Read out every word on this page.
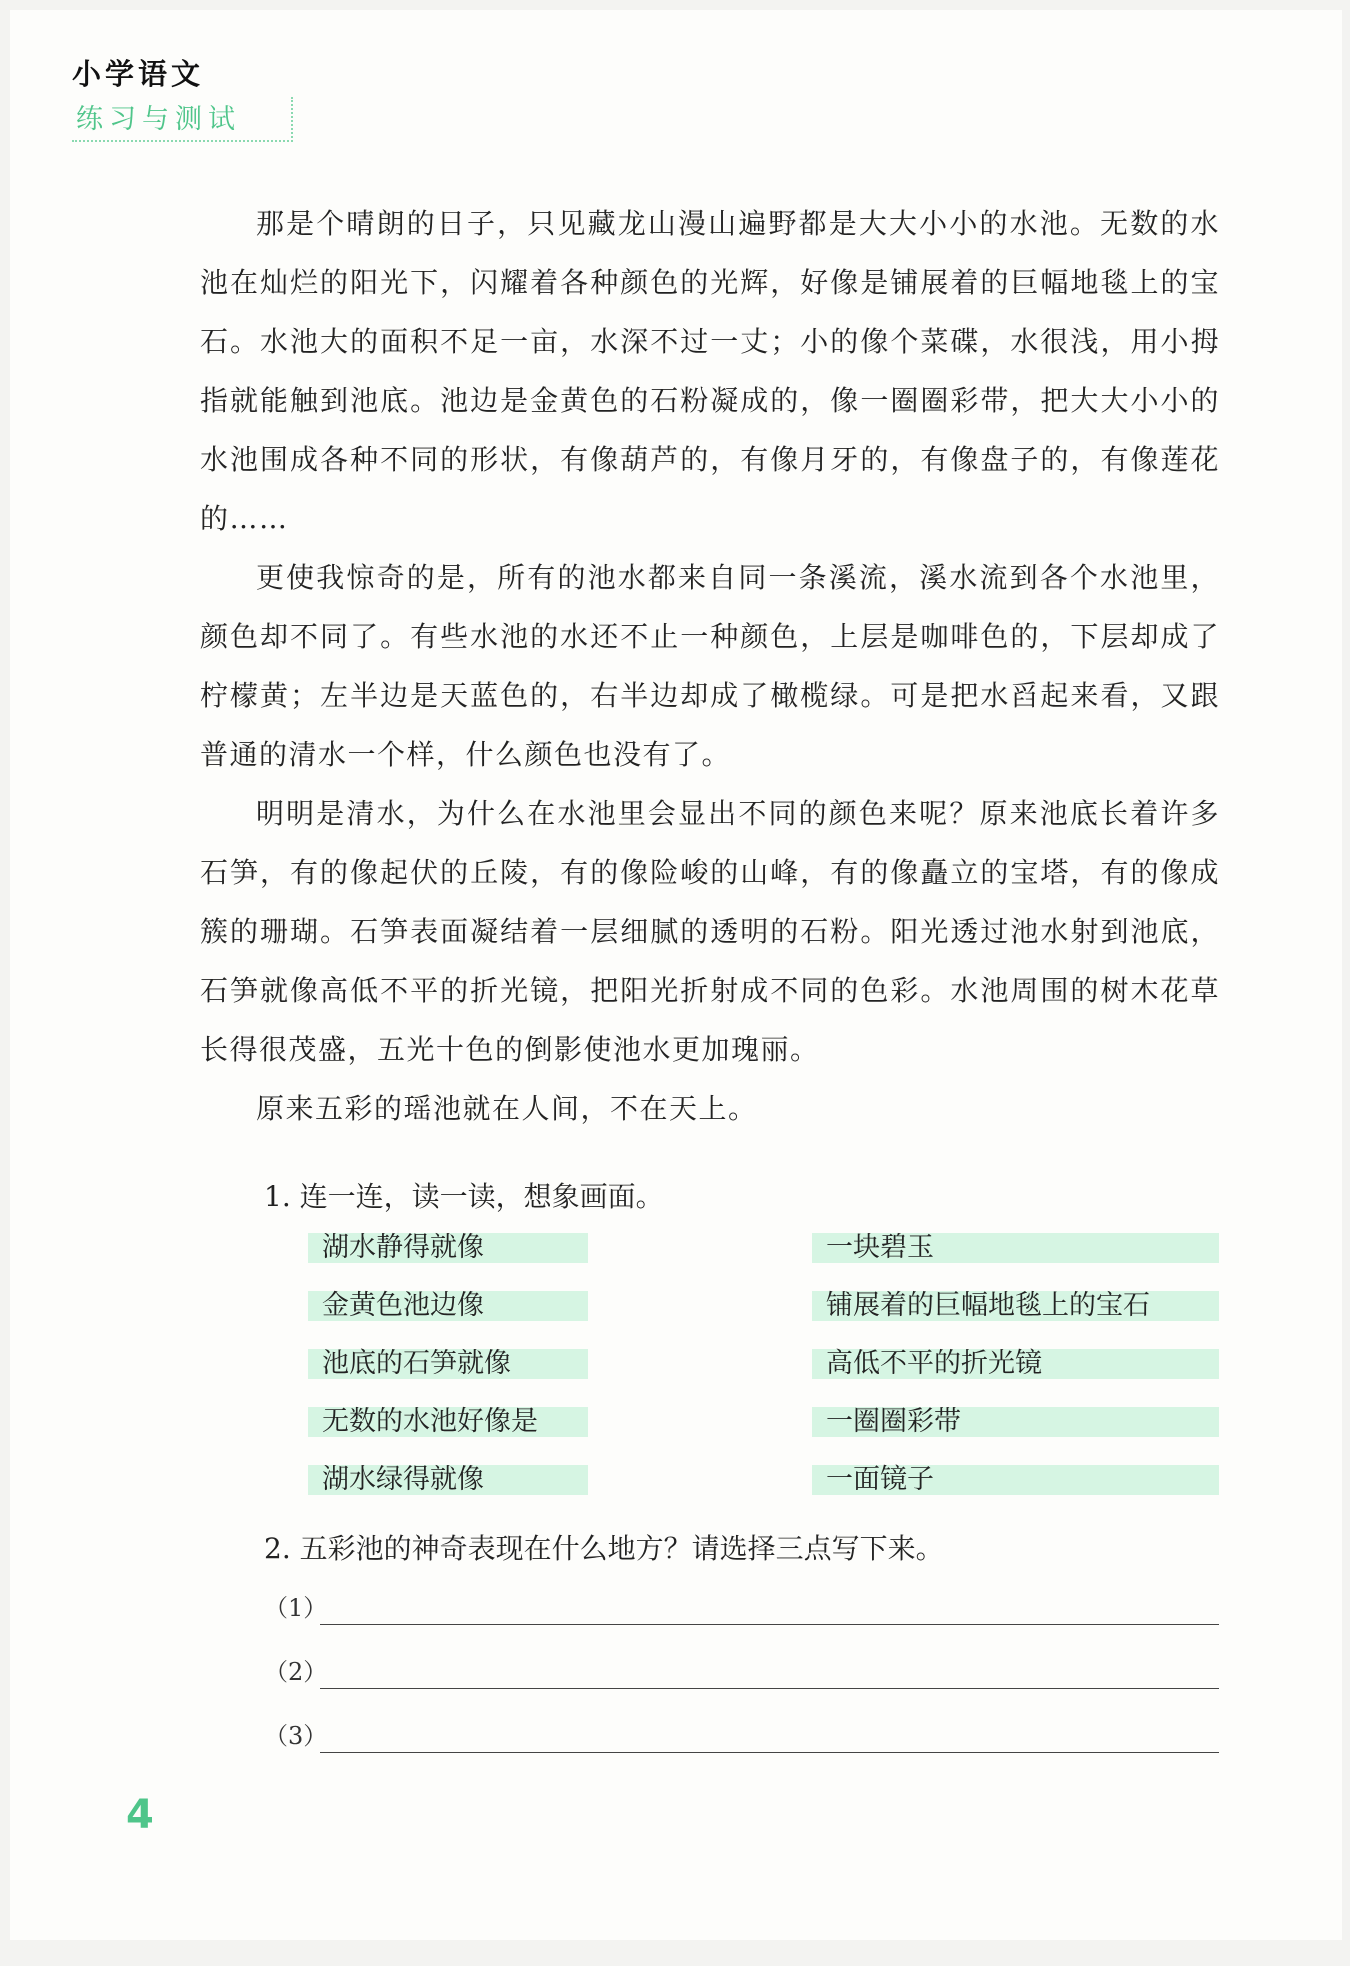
小学语文
练习与测试

那是个晴朗的日子，只见藏龙山漫山遍野都是大大小小的水池。无数的水池在灿烂的阳光下，闪耀着各种颜色的光辉，好像是铺展着的巨幅地毯上的宝石。水池大的面积不足一亩，水深不过一丈；小的像个菜碟，水很浅，用小拇指就能触到池底。池边是金黄色的石粉凝成的，像一圈圈彩带，把大大小小的水池围成各种不同的形状，有像葫芦的，有像月牙的，有像盘子的，有像莲花的……

更使我惊奇的是，所有的池水都来自同一条溪流，溪水流到各个水池里，颜色却不同了。有些水池的水还不止一种颜色，上层是咖啡色的，下层却成了柠檬黄；左半边是天蓝色的，右半边却成了橄榄绿。可是把水舀起来看，又跟普通的清水一个样，什么颜色也没有了。

明明是清水，为什么在水池里会显出不同的颜色来呢？原来池底长着许多石笋，有的像起伏的丘陵，有的像险峻的山峰，有的像矗立的宝塔，有的像成簇的珊瑚。石笋表面凝结着一层细腻的透明的石粉。阳光透过池水射到池底，石笋就像高低不平的折光镜，把阳光折射成不同的色彩。水池周围的树木花草长得很茂盛，五光十色的倒影使池水更加瑰丽。

原来五彩的瑶池就在人间，不在天上。

1. 连一连，读一读，想象画面。
湖水静得就像	一块碧玉
金黄色池边像	铺展着的巨幅地毯上的宝石
池底的石笋就像	高低不平的折光镜
无数的水池好像是	一圈圈彩带
湖水绿得就像	一面镜子
2. 五彩池的神奇表现在什么地方？请选择三点写下来。
（1）
（2）
（3）
4
